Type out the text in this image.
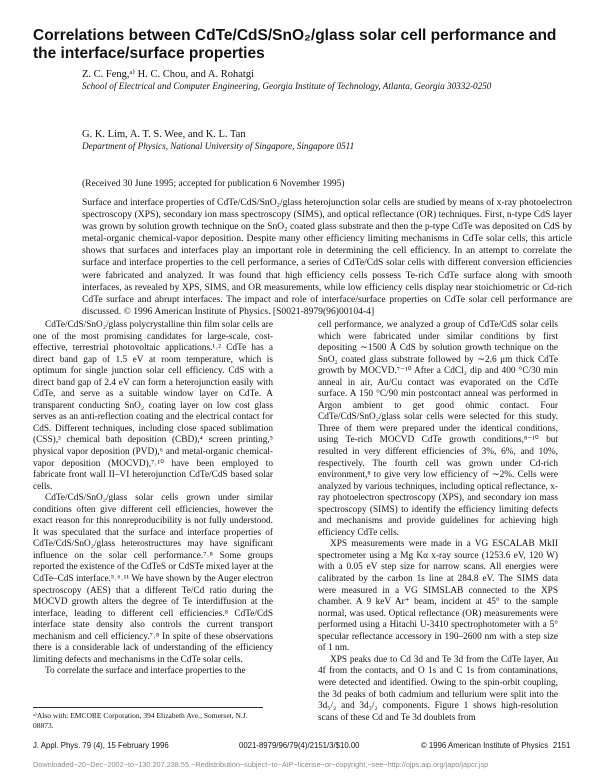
Correlations between CdTe/CdS/SnO₂/glass solar cell performance and the interface/surface properties

Z. C. Feng,ᵃ⁾ H. C. Chou, and A. Rohatgi

School of Electrical and Computer Engineering, Georgia Institute of Technology, Atlanta, Georgia 30332-0250

G. K. Lim, A. T. S. Wee, and K. L. Tan

Department of Physics, National University of Singapore, Singapore 0511

(Received 30 June 1995; accepted for publication 6 November 1995)

Surface and interface properties of CdTe/CdS/SnO₂/glass heterojunction solar cells are studied by means of x-ray photoelectron spectroscopy (XPS), secondary ion mass spectroscopy (SIMS), and optical reflectance (OR) techniques. First, n-type CdS layer was grown by solution growth technique on the SnO₂ coated glass substrate and then the p-type CdTe was deposited on CdS by metal-organic chemical-vapor deposition. Despite many other efficiency limiting mechanisms in CdTe solar cells, this article shows that surfaces and interfaces play an important role in determining the cell efficiency. In an attempt to correlate the surface and interface properties to the cell performance, a series of CdTe/CdS solar cells with different conversion efficiencies were fabricated and analyzed. It was found that high efficiency cells possess Te-rich CdTe surface along with smooth interfaces, as revealed by XPS, SIMS, and OR measurements, while low efficiency cells display near stoichiometric or Cd-rich CdTe surface and abrupt interfaces. The impact and role of interface/surface properties on CdTe solar cell performance are discussed. © 1996 American Institute of Physics. [S0021-8979(96)00104-4]

CdTe/CdS/SnO₂/glass polycrystalline thin film solar cells are one of the most promising candidates for large-scale, cost-effective, terrestrial photovoltaic applications.¹˒² CdTe has a direct band gap of 1.5 eV at room temperature, which is optimum for single junction solar cell efficiency. CdS with a direct band gap of 2.4 eV can form a heterojunction easily with CdTe, and serve as a suitable window layer on CdTe. A transparent conducting SnO₂ coating layer on low cost glass serves as an anti-reflection coating and the electrical contact for CdS. Different techniques, including close spaced sublimation (CSS),³ chemical bath deposition (CBD),⁴ screen printing,⁵ physical vapor deposition (PVD),⁶ and metal-organic chemical-vapor deposition (MOCVD),⁷˒¹⁰ have been employed to fabricate front wall II–VI heterojunction CdTe/CdS based solar cells.

CdTe/CdS/SnO₂/glass solar cells grown under similar conditions often give different cell efficiencies, however the exact reason for this nonreproducibility is not fully understood. It was speculated that the surface and interface properties of CdTe/CdS/SnO₂/glass heterostructures may have significant influence on the solar cell performance.⁷˒⁸ Some groups reported the existence of the CdTeS or CdSTe mixed layer at the CdTe–CdS interface.⁵˒⁶˒¹¹ We have shown by the Auger electron spectroscopy (AES) that a different Te/Cd ratio during the MOCVD growth alters the degree of Te interdiffusion at the interface, leading to different cell efficiencies.⁸ CdTe/CdS interface state density also controls the current transport mechanism and cell efficiency.⁷˒⁸ In spite of these observations there is a considerable lack of understanding of the efficiency limiting defects and mechanisms in the CdTe solar cells.

To correlate the surface and interface properties to the

cell performance, we analyzed a group of CdTe/CdS solar cells which were fabricated under similar conditions by first depositing ∼1500 Å CdS by solution growth technique on the SnO₂ coated glass substrate followed by ∼2.6 μm thick CdTe growth by MOCVD.⁷⁻¹⁰ After a CdCl₂ dip and 400 °C/30 min anneal in air, Au/Cu contact was evaporated on the CdTe surface. A 150 °C/90 min postcontact anneal was performed in Argon ambient to get good ohmic contact. Four CdTe/CdS/SnO₂/glass solar cells were selected for this study. Three of them were prepared under the identical conditions, using Te-rich MOCVD CdTe growth conditions,⁸⁻¹⁰ but resulted in very different efficiencies of 3%, 6%, and 10%, respectively. The fourth cell was grown under Cd-rich environment,⁸ to give very low efficiency of ∼2%. Cells were analyzed by various techniques, including optical reflectance, x-ray photoelectron spectroscopy (XPS), and secondary ion mass spectroscopy (SIMS) to identify the efficiency limiting defects and mechanisms and provide guidelines for achieving high efficiency CdTe cells.

XPS measurements were made in a VG ESCALAB MkII spectrometer using a Mg Kα x-ray source (1253.6 eV, 120 W) with a 0.05 eV step size for narrow scans. All energies were calibrated by the carbon 1s line at 284.8 eV. The SIMS data were measured in a VG SIMSLAB connected to the XPS chamber. A 9 keV Ar⁺ beam, incident at 45° to the sample normal, was used. Optical reflectance (OR) measurements were performed using a Hitachi U-3410 spectrophotometer with a 5° specular reflectance accessory in 190–2600 nm with a step size of 1 nm.

XPS peaks due to Cd 3d and Te 3d from the CdTe layer, Au 4f from the contacts, and O 1s and C 1s from contaminations, were detected and identified. Owing to the spin-orbit coupling, the 3d peaks of both cadmium and tellurium were split into the 3d₅/₂ and 3d₃/₂ components. Figure 1 shows high-resolution scans of these Cd and Te 3d doublets from

ᵃ⁾Also with: EMCORE Corporation, 394 Elizabeth Ave., Somerset, N.J. 08873.
J. Appl. Phys. 79 (4), 15 February 1996	0021-8979/96/79(4)/2151/3/$10.00	© 1996 American Institute of Physics 2151
Downloaded−20−Dec−2002−to−130.207.238.55.−Redistribution−subject−to−AIP−license−or−copyright,−see−http://ojps.aip.org/japo/japcr.jsp
